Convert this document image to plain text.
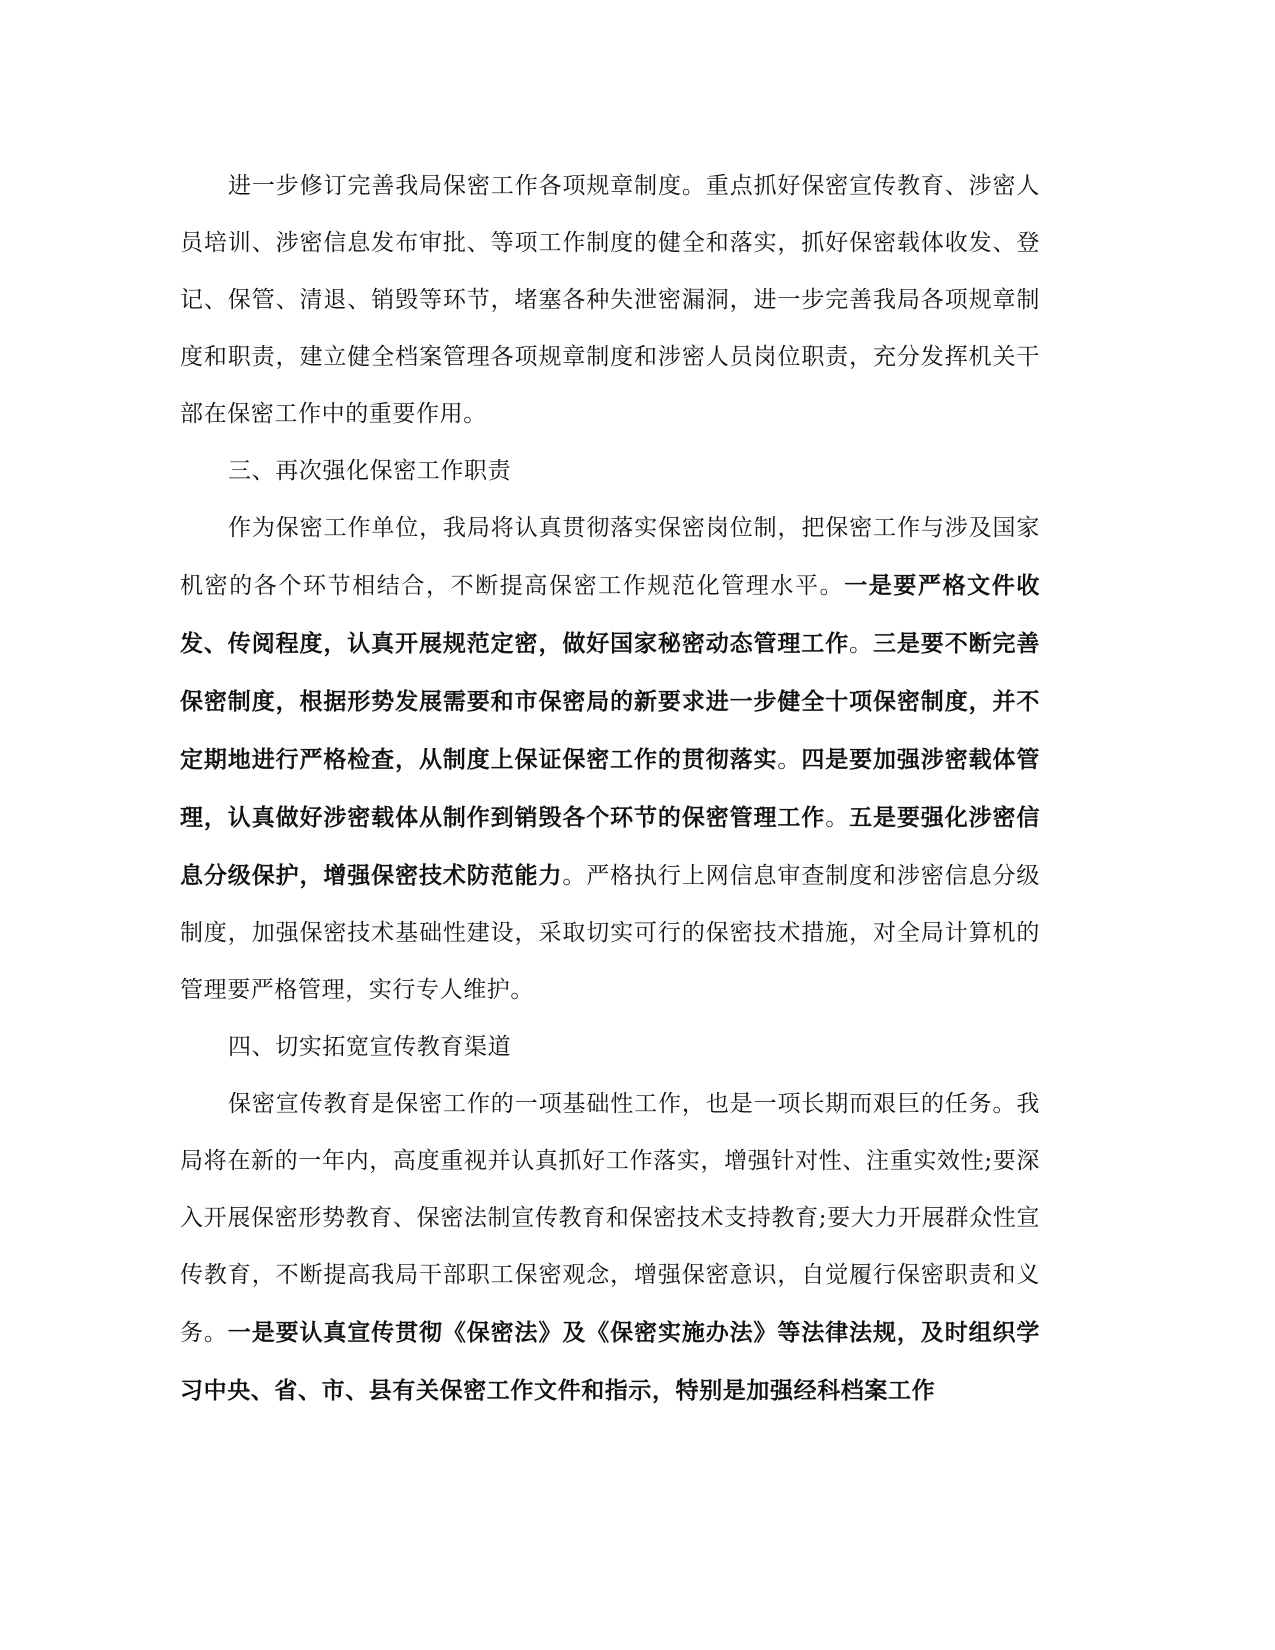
进一步修订完善我局保密工作各项规章制度。重点抓好保密宣传教育、涉密人员培训、涉密信息发布审批、等项工作制度的健全和落实，抓好保密载体收发、登记、保管、清退、销毁等环节，堵塞各种失泄密漏洞，进一步完善我局各项规章制度和职责，建立健全档案管理各项规章制度和涉密人员岗位职责，充分发挥机关干部在保密工作中的重要作用。

三、再次强化保密工作职责

作为保密工作单位，我局将认真贯彻落实保密岗位制，把保密工作与涉及国家机密的各个环节相结合，不断提高保密工作规范化管理水平。一是要严格文件收发、传阅程度，认真开展规范定密，做好国家秘密动态管理工作。三是要不断完善保密制度，根据形势发展需要和市保密局的新要求进一步健全十项保密制度，并不定期地进行严格检查，从制度上保证保密工作的贯彻落实。四是要加强涉密载体管理，认真做好涉密载体从制作到销毁各个环节的保密管理工作。五是要强化涉密信息分级保护，增强保密技术防范能力。严格执行上网信息审查制度和涉密信息分级制度，加强保密技术基础性建设，采取切实可行的保密技术措施，对全局计算机的管理要严格管理，实行专人维护。

四、切实拓宽宣传教育渠道

保密宣传教育是保密工作的一项基础性工作，也是一项长期而艰巨的任务。我局将在新的一年内，高度重视并认真抓好工作落实，增强针对性、注重实效性;要深入开展保密形势教育、保密法制宣传教育和保密技术支持教育;要大力开展群众性宣传教育，不断提高我局干部职工保密观念，增强保密意识，自觉履行保密职责和义务。一是要认真宣传贯彻《保密法》及《保密实施办法》等法律法规，及时组织学习中央、省、市、县有关保密工作文件和指示，特别是加强经科档案工作
